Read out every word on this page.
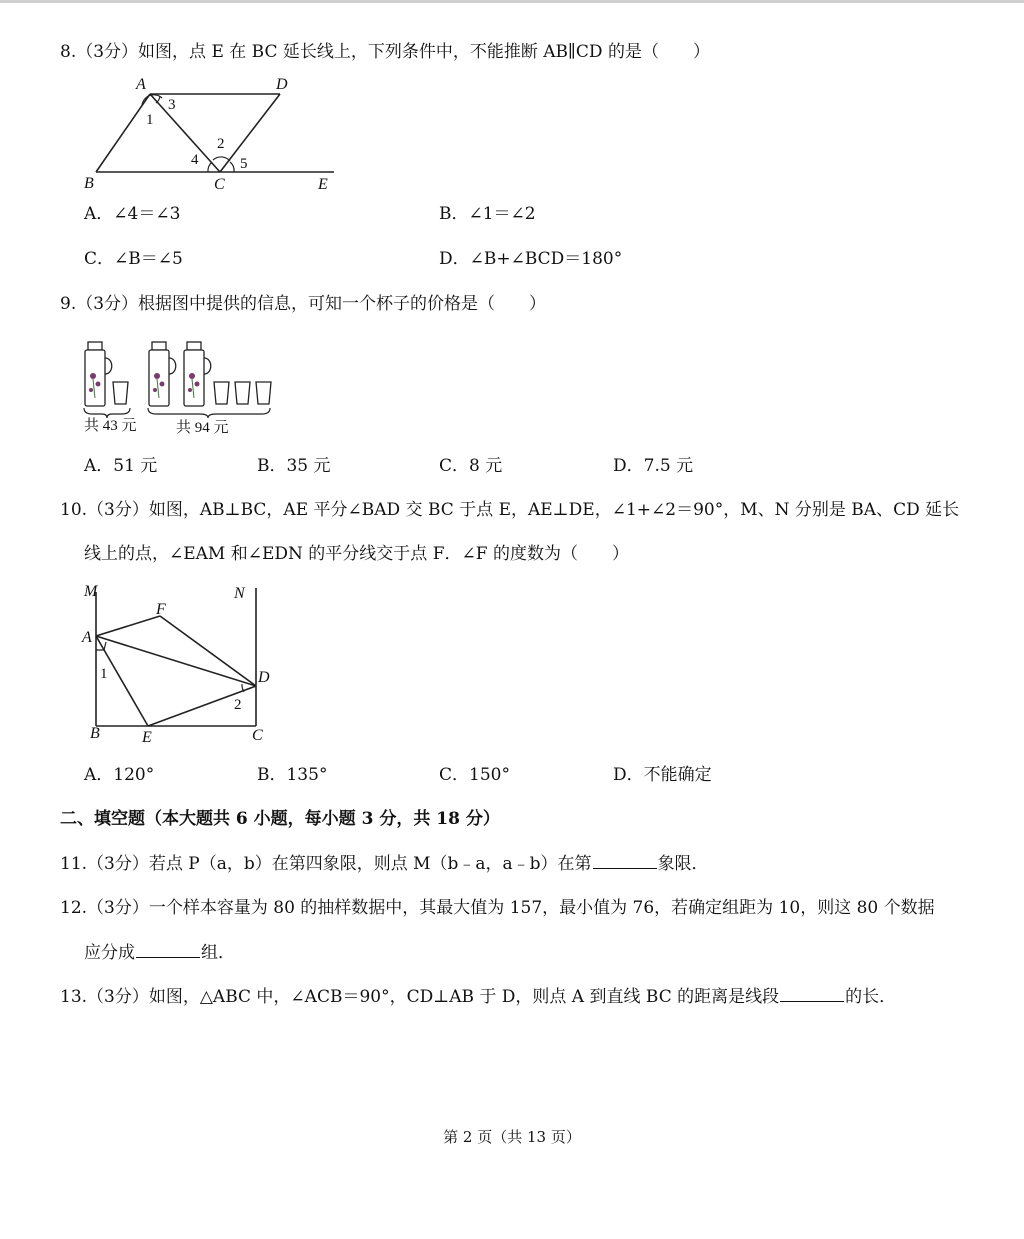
8.（3分）如图，点 E 在 BC 延长线上，下列条件中，不能推断 AB∥CD 的是（　　）
A	D
B	C	E
1
3
2
4	5
A．∠4＝∠3	B．∠1＝∠2
C．∠B＝∠5	D．∠B+∠BCD＝180°
9.（3分）根据图中提供的信息，可知一个杯子的价格是（　　）
共 43 元	共 94 元
A．51 元	B．35 元	C．8 元	D．7.5 元
10.（3分）如图，AB⊥BC，AE 平分∠BAD 交 BC 于点 E，AE⊥DE，∠1+∠2＝90°，M、N 分别是 BA、CD 延长
线上的点，∠EAM 和∠EDN 的平分线交于点 F．∠F 的度数为（　　）
M	N
A
F
D
B	E	C
1
2
A．120°	B．135°	C．150°	D．不能确定
二、填空题（本大题共 6 小题，每小题 3 分，共 18 分）
11.（3分）若点 P（a，b）在第四象限，则点 M（b﹣a，a﹣b）在第	象限．
12.（3分）一个样本容量为 80 的抽样数据中，其最大值为 157，最小值为 76，若确定组距为 10，则这 80 个数据
应分成	组．
13.（3分）如图，△ABC 中，∠ACB＝90°，CD⊥AB 于 D，则点 A 到直线 BC 的距离是线段	的长．
第 2 页（共 13 页）
